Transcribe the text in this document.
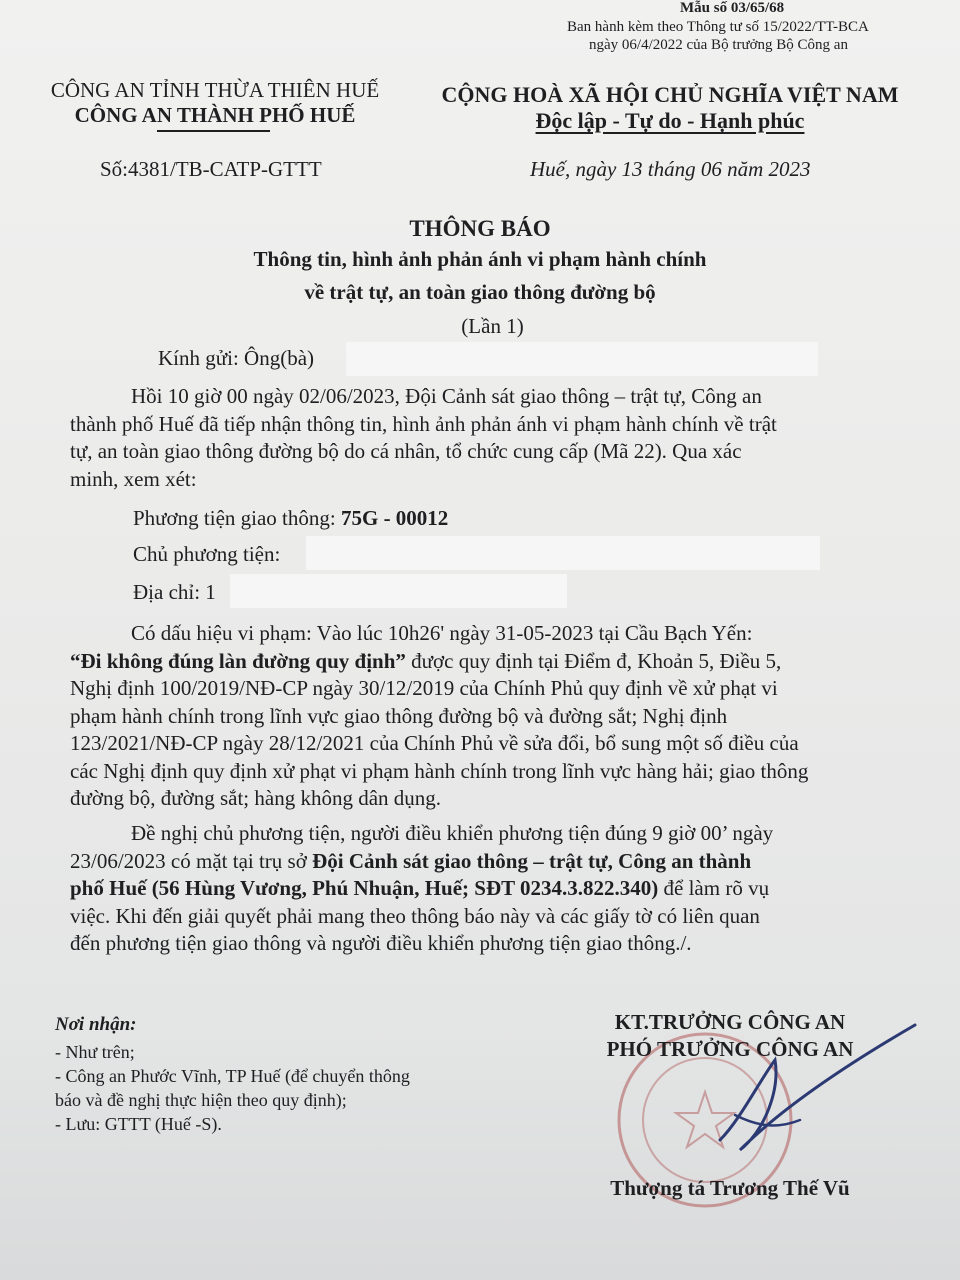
Mẫu số 03/65/68
Ban hành kèm theo Thông tư số 15/2022/TT-BCA
ngày 06/4/2022 của Bộ trưởng Bộ Công an
CÔNG AN TỈNH THỪA THIÊN HUẾ
CÔNG AN THÀNH PHỐ HUẾ
Số:4381/TB-CATP-GTTT
CỘNG HOÀ XÃ HỘI CHỦ NGHĨA VIỆT NAM
Độc lập - Tự do - Hạnh phúc
Huế, ngày 13 tháng 06 năm 2023
THÔNG BÁO
Thông tin, hình ảnh phản ánh vi phạm hành chính
về trật tự, an toàn giao thông đường bộ
(Lần 1)
Kính gửi: Ông(bà)
Hồi 10 giờ 00 ngày 02/06/2023, Đội Cảnh sát giao thông – trật tự, Công an
thành phố Huế đã tiếp nhận thông tin, hình ảnh phản ánh vi phạm hành chính về trật
tự, an toàn giao thông đường bộ do cá nhân, tổ chức cung cấp (Mã 22). Qua xác
minh, xem xét:
Phương tiện giao thông: 75G - 00012
Chủ phương tiện:
Địa chỉ: 1
Có dấu hiệu vi phạm: Vào lúc 10h26' ngày 31-05-2023 tại Cầu Bạch Yến:
“Đi không đúng làn đường quy định” được quy định tại Điểm đ, Khoản 5, Điều 5,
Nghị định 100/2019/NĐ-CP ngày 30/12/2019 của Chính Phủ quy định về xử phạt vi
phạm hành chính trong lĩnh vực giao thông đường bộ và đường sắt; Nghị định
123/2021/NĐ-CP ngày 28/12/2021 của Chính Phủ về sửa đổi, bổ sung một số điều của
các Nghị định quy định xử phạt vi phạm hành chính trong lĩnh vực hàng hải; giao thông
đường bộ, đường sắt; hàng không dân dụng.
Đề nghị chủ phương tiện, người điều khiển phương tiện đúng 9 giờ 00’ ngày
23/06/2023 có mặt tại trụ sở Đội Cảnh sát giao thông – trật tự, Công an thành
phố Huế (56 Hùng Vương, Phú Nhuận, Huế; SĐT 0234.3.822.340) để làm rõ vụ
việc. Khi đến giải quyết phải mang theo thông báo này và các giấy tờ có liên quan
đến phương tiện giao thông và người điều khiển phương tiện giao thông./.
Nơi nhận:
- Như trên;
- Công an Phước Vĩnh, TP Huế (để chuyển thông
báo và đề nghị thực hiện theo quy định);
- Lưu: GTTT (Huế -S).
KT.TRƯỞNG CÔNG AN
PHÓ TRƯỞNG CÔNG AN
Thượng tá Trương Thế Vũ
